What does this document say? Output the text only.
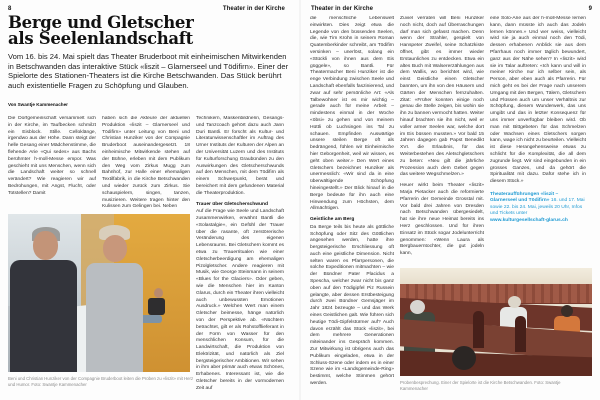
8	Theater in der Kirche	Theater in der Kirche	9
Berge und Gletscher als Seelenlandschaft

Vom 16. bis 24. Mai spielt das Theater Bruderboot mit einheimischen Mitwirkenden in Betschwanden das interaktive Stück «liszit – Glarnerseel und Tödifirn». Einer der Spielorte des Stationen-Theaters ist die Kirche Betschwanden. Das Stück berührt auch existentielle Fragen zu Schöpfung und Glauben.

Von Swantje Kammenacher

Die Dorfgemeinschaft versammelt sich in der Kirche, im Taufbecken schmilzt ein Eisblock. Stille. Celloklänge, irgendwo aus der Höhe. Dann steigt der helle Gesang einer Mädchenstimme, die flehende Arie «Qui sedes» aus Bachs berühmter h-moll-Messe empor. Was geschieht mit uns Menschen, wenn sich die Landschaft weiter so schnell verändert? Wie reagieren wir auf Bedrohungen, mit Angst, Flucht, oder Totstellen? Damit

haben sich die Akteure der aktuellen Produktion «liszit – Glarnerseel und Tödifirn» unter Leitung von Beni und Christian Hunziker von der Compagnie Bruderboot auseinandergesetzt. 18 einheimische Mitwirkende stehen auf der Bühne, erleben mit dem Publikum den Weg vom Zirkus Mugg zum Bahnhof, zur Halle einer ehemaligen Textilfabrik, in die Kirche Betschwanden und wieder zurück zum Zirkus. Sie schauspielern, singen, tanzen, musizieren. Weitere tragen hinter den Kulissen zum Gelingen bei. Neben

Technikern, Maskenbildnerin, Gesangs- und Tanzcoach gehört dazu auch Jann Duri Bantli. Er forscht als Kultur- und Literaturwissenschaftler im Auftrag des Urner Instituts der Kulturen der Alpen an der Universität Luzern und des Instituts für Kulturforschung Graubünden zu den Auswirkungen des Gletscherschwunds auf den Menschen, mit dem Tödifirn als einem Schwerpunkt, berät und bereichert mit dem gefundenen Material die Theaterproduktion.

Trauer über Gletscherschwund

Auf die Frage wie Seele und Landschaft zusammenwirken, erwähnt Bantli die «Solastalgie», ein Gefühl der Trauer über die rasante, oft zerstörerische Veränderung des eigenen Lebensraums. Bei Gletschern kommt es etwa zu Trauerritualen wie einer Gletscherbeerdigung am ehemaligen Pizolgletscher. Andere reagieren mit Musik, wie George Steinmann in seinem «Blues for the Glaciers». Oder geben, wie die Menschen hier im Kanton Glarus, durch ein Theater ihren vielleicht auch unbewussten Emotionen Ausdruck.» Welchen Wert man einem Gletscher beimesse, hänge natürlich von der Perspektive ab. «Nüchtern betrachtet, gilt er als Rohstofflieferant in der Form von Wasser für den menschlichen Konsum, für die Landwirtschaft, die Produktion von Elektrizität, und natürlich als Ziel bergsteigerischer Ambitionen. Wir sehen in ihm aber primär auch etwas Schönes, Erhabenes. Interessant ist, wie die Gletscher bereits in der vormodernen Zeit auf

Beni und Christian Hunziker von der Compagnie Bruderboot leiten die Proben zu «liszit» mit Herz und Humor. Foto: Swantje Kammenacher

die menschliche Lebenswelt einwirkten. Dies zeigt etwa die Legende von den büssenden Seelen, die, wie Tim Krohn in seinem Roman Quatemberkinder schreibt, am Tödifirn versinken – unerlöst, solang ein «Stückli von ihnen aus dem Eis güggele», so Bantli. Für Theatermacher Beni Hunziker ist die enge Verbindung zwischen Seele und Landschaft ebenfalls faszinierend, und zwar auf sehr persönliche Art: «Als Talbewohner ist es mir wichtig – gerade auch für meine Arbeit – mindestens einmal in der Woche «öbsi» zu gehen und von meinem Hüttli ob Luchsingen ins Tal zu schauen. Empfinden Auswärtige unsere steilen Berge oft als bedrängend, fühlen wir Einheimische hier Geborgenheit, weil wir wissen, es geht oben weiter.» Den Wert eines Gletschers bezeichnet Hunziker als unermesslich: «Wir sind da in eine überwältigende Schöpfung hineingestellt.» Der Blick hinauf in die Berge bedeute für ihn auch eine Hinwendung zum Höchsten, dem Allmächtigen.

Geistliche am Berg

Da Berge teils bis heute als göttliche Schöpfung oder Sitz des Göttlichen angesehen werden, hatte ihre bergsteigerische Erschliessung oft auch eine geistliche Dimension. Nicht selten waren es Pfarrpersonen, die solche Expeditionen mitmachten – wie der Bündner Pater Placidus a Spescha, welcher zwar nicht bis ganz oben auf den Tödigipfel Piz Russein gelangte, aber dessen Erstbesteigung durch zwei Bündner Gemsjäger im Jahr 1824 bezeugte – und das Werk eines Geistlichen galt. Wie führen sich heutige Tödi-Gipfelstürmer auf? Auch davon erzählt das Stück «liszit», bei dem mehrere Generationen miteinander ins Gespräch kommen. Zur Mitwirkung ist übrigens auch das Publikum eingeladen, etwa in der Schluss-Szene oder indem es in einer Szene wie im «Landsgemeinde-Ring» bestimmt, welche Stimmen gehört werden.

Zuviel verraten will Beni Hunziker noch nicht, doch auf Überraschungen darf man sich gefasst machen. Denn wenn der Strahler, gespielt von Hanspeter Zweifel, seine Schatzkiste öffnet, gibt es immer wieder Erstaunliches zu entdecken. Etwa ein altes Buch mit Walsererzählungen aus dem Wallis, wo berichtet wird, wie einst Geistliche einen Gletscher bannten, um ihn von den Häusern und Gärten der Menschen fernzuhalten. Zitat: «Früher konnten einige noch genau die Stelle zeigen, bis wohin sie ihn zu bannen vermocht hatten. Weiter hinauf brachten sie ihn nicht, weil er voller armer Seelen war, welche dort im Eis büssen mussten.» Vor bald 15 Jahren dagegen gab Papst Benedikt XVI. die Erlaubnis, für das Weiterbestehen des Aletschgletschers zu beten: «Neu gilt die jährliche Prozession auch dem Gebet gegen das weitere Wegschmelzen.»

Heuer wirkt beim Theater «liszit» Marja Pietacker auch die reformierte Pfarrerin der Gemeinde Grosstal mit. Vor bald drei Jahren von Dresden nach Betschwanden übergesiedelt, hat sie ihre neue Heimat bereits ins Herz geschlossen. Und für ihren Einsatz im Stück sogar Jodelunterricht genommen: «Wenn Laura als Bergbauerntochter, die gut jodeln kann,

eine Solo-Arie aus der h-moll-Messe lernen kann, dann müsste ich auch das Jodeln lernen können.» Und wer weiss, vielleicht wird sie ja auch einmal noch den Tödi, dessen erhabenen Anblick sie aus dem Pfarrhaus noch immer täglich bewundert, ganz aus der Nähe sehen? In «liszit» wird sie im Talar auftreten: «Ich kann und will in meiner Kirche nur ich selber sein, als Person, aber eben auch als Pfarrerin. Für mich geht es bei der Frage nach unserem Umgang mit den Bergen, Tälern, Gletschern und Flüssen auch um unser Verhältnis zur Schöpfung, diesem Wunderwerk, das uns umgibt und das in letzter Konsequenz für uns immer unverfügbar bleiben wird. Ob man mit Bittgebeten für das Schmelzen oder Wachsen eines Gletschers sorgen kann, wage ich nicht zu beurteilen. Vielleicht ist diese Herangehensweise etwas zu schlicht für die Komplexität, die all dem zugrunde liegt. Wir sind eingebunden in ein grosses Ganzes, und da gehört die Spiritualität mit dazu. Dafür stehe ich in diesem Stück.»

Theateraufführungen «liszit – Glarnerseel und Tödifirn» 16. und 17. Mai sowie 22. bis 24. Mai, jeweils 20 Uhr, Infos und Tickets unter
www.kulturgesellschaft-glarus.ch
Probenbesprechung. Einer der Spielorte ist die Kirche Betschwanden. Foto: Swantje Kammenacher
